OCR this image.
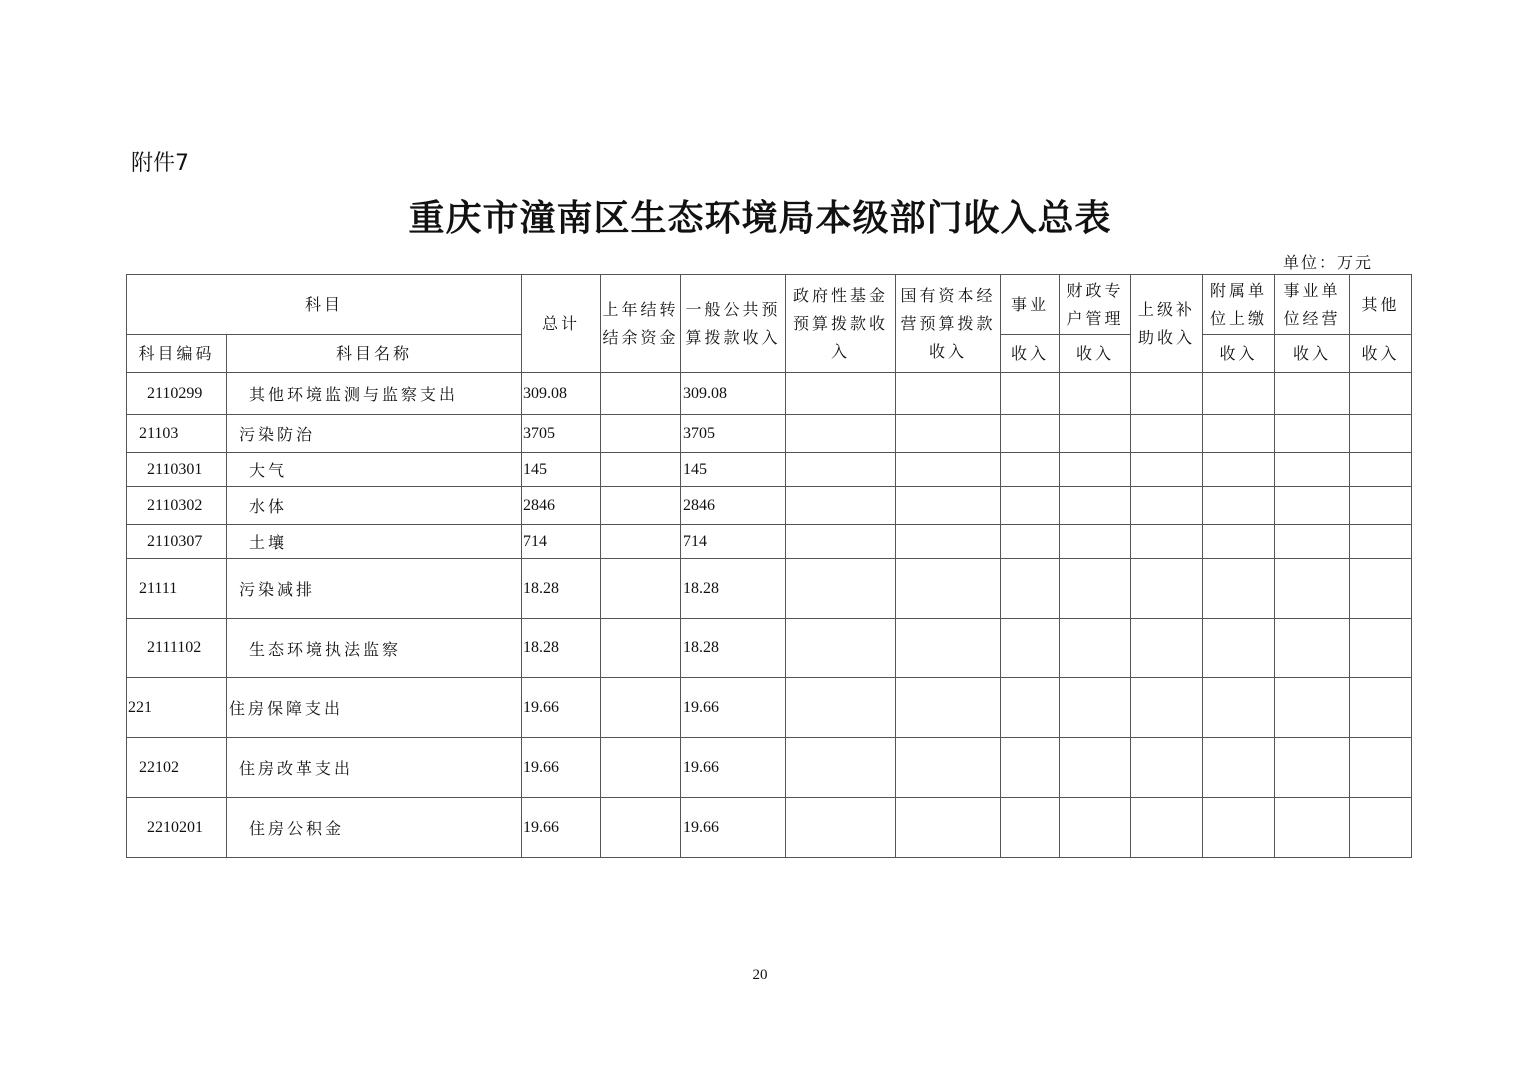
附件7
重庆市潼南区生态环境局本级部门收入总表
单位：万元
科目		总计	上年结转结余资金	一般公共预算拨款收入	政府性基金预算拨款收入	国有资本经营预算拨款收入	事业	财政专户管理	上级补助收入	附属单位上缴	事业单位经营	其他
科目编码	科目名称						收入	收入		收入	收入	收入
2110299	其他环境监测与监察支出	309.08		309.08								
21103	污染防治	3705		3705								
2110301	大气	145		145								
2110302	水体	2846		2846								
2110307	土壤	714		714								
21111	污染减排	18.28		18.28								
2111102	生态环境执法监察	18.28		18.28								
221	住房保障支出	19.66		19.66								
22102	住房改革支出	19.66		19.66								
2210201	住房公积金	19.66		19.66								
20
